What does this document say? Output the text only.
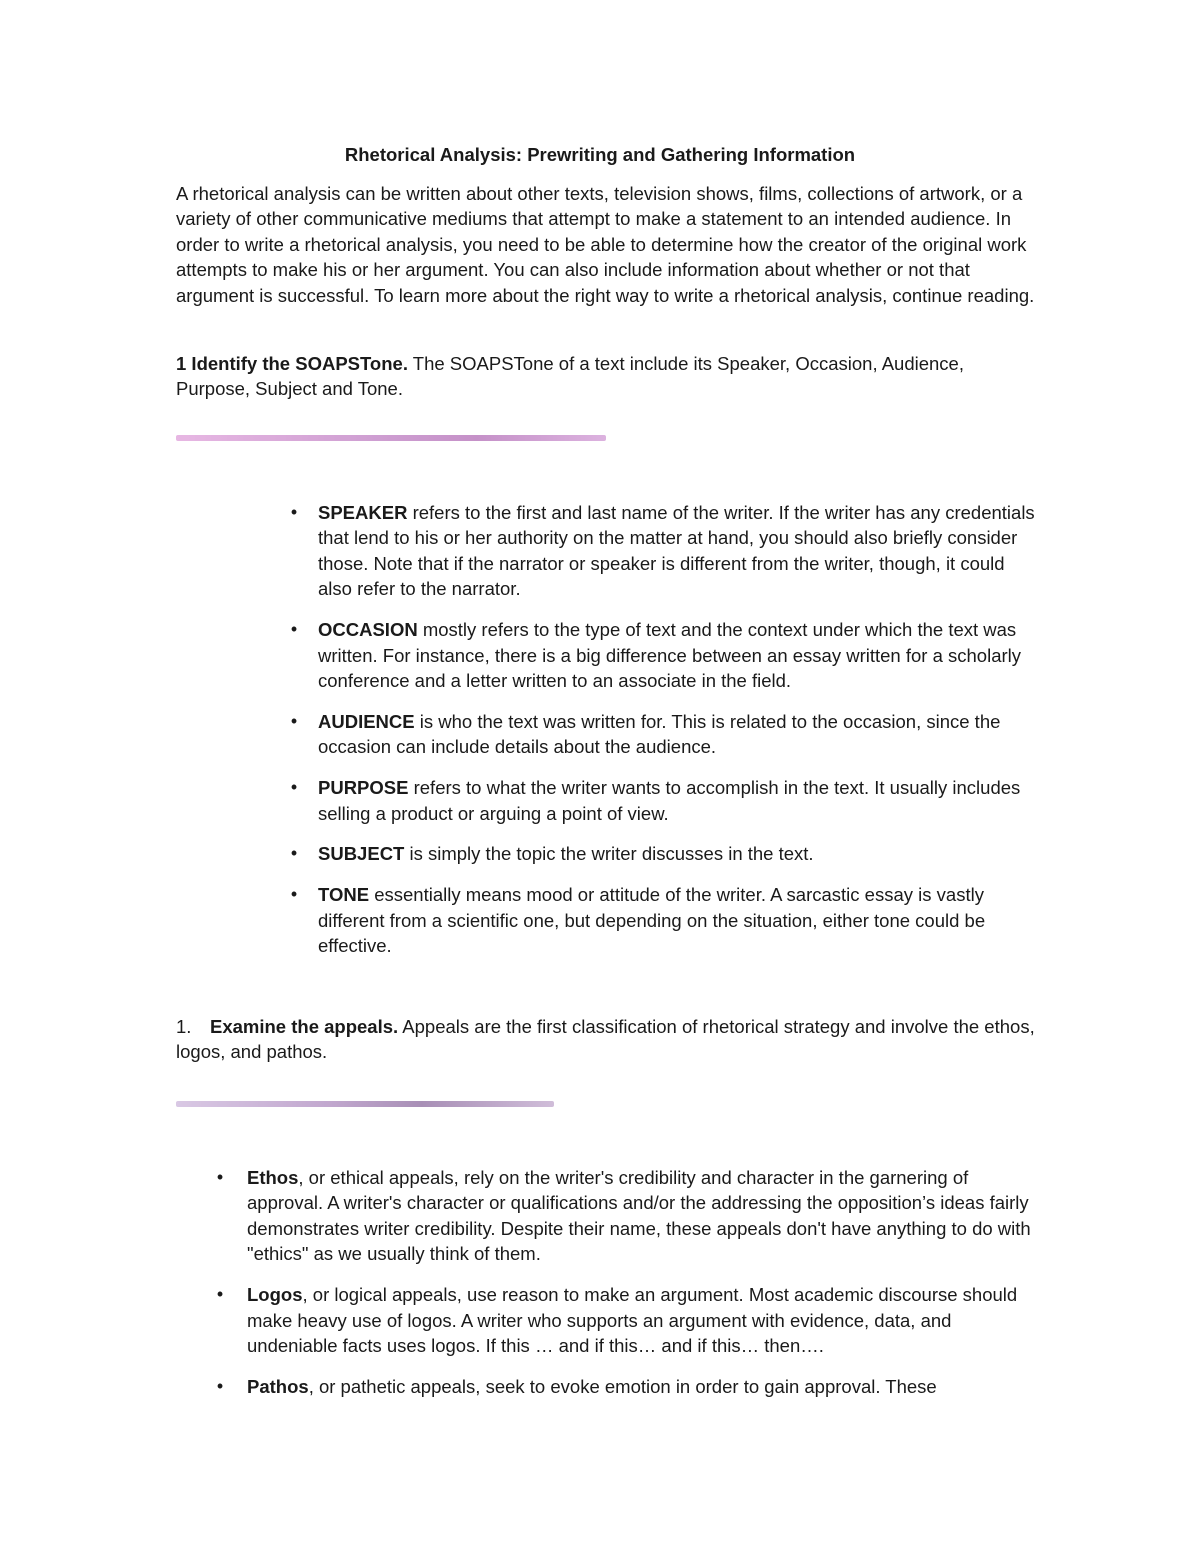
Rhetorical Analysis: Prewriting and Gathering Information

A rhetorical analysis can be written about other texts, television shows, films, collections of artwork, or a variety of other communicative mediums that attempt to make a statement to an intended audience. In order to write a rhetorical analysis, you need to be able to determine how the creator of the original work attempts to make his or her argument. You can also include information about whether or not that argument is successful. To learn more about the right way to write a rhetorical analysis, continue reading.

1 Identify the SOAPSTone. The SOAPSTone of a text include its Speaker, Occasion, Audience, Purpose, Subject and Tone.

•	SPEAKER refers to the first and last name of the writer. If the writer has any credentials that lend to his or her authority on the matter at hand, you should also briefly consider those. Note that if the narrator or speaker is different from the writer, though, it could also refer to the narrator.
•	OCCASION mostly refers to the type of text and the context under which the text was written. For instance, there is a big difference between an essay written for a scholarly conference and a letter written to an associate in the field.
•	AUDIENCE is who the text was written for. This is related to the occasion, since the occasion can include details about the audience.
•	PURPOSE refers to what the writer wants to accomplish in the text. It usually includes selling a product or arguing a point of view.
•	SUBJECT is simply the topic the writer discusses in the text.
•	TONE essentially means mood or attitude of the writer. A sarcastic essay is vastly different from a scientific one, but depending on the situation, either tone could be effective.

1. Examine the appeals. Appeals are the first classification of rhetorical strategy and involve the ethos, logos, and pathos.

•	Ethos, or ethical appeals, rely on the writer's credibility and character in the garnering of approval. A writer's character or qualifications and/or the addressing the opposition’s ideas fairly demonstrates writer credibility. Despite their name, these appeals don't have anything to do with "ethics" as we usually think of them.
•	Logos, or logical appeals, use reason to make an argument. Most academic discourse should make heavy use of logos. A writer who supports an argument with evidence, data, and undeniable facts uses logos. If this … and if this… and if this… then….
•	Pathos, or pathetic appeals, seek to evoke emotion in order to gain approval. These
